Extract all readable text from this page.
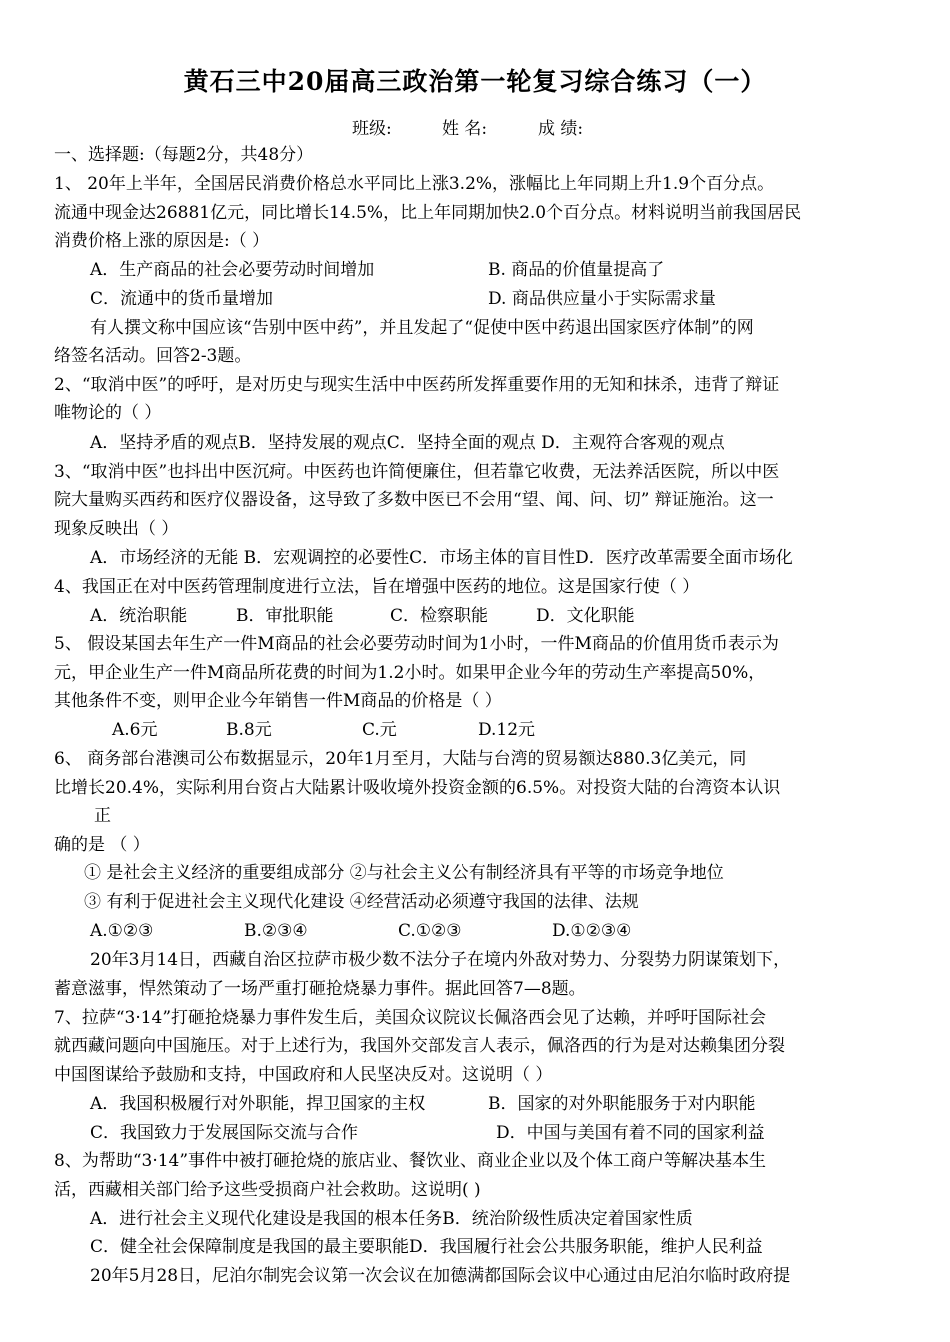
黄石三中20届高三政治第一轮复习综合练习（一）
班级:	姓 名:	成 绩:
一、选择题:（每题2分，共48分）
1、 20年上半年，全国居民消费价格总水平同比上涨3.2%，涨幅比上年同期上升1.9个百分点。
流通中现金达26881亿元，同比增长14.5%，比上年同期加快2.0个百分点。材料说明当前我国居民
消费价格上涨的原因是:（ ）
A．生产商品的社会必要劳动时间增加	B. 商品的价值量提高了
C．流通中的货币量增加	D. 商品供应量小于实际需求量
有人撰文称中国应该“告别中医中药”，并且发起了“促使中医中药退出国家医疗体制”的网
络签名活动。回答2-3题。
2、“取消中医”的呼吁，是对历史与现实生活中中医药所发挥重要作用的无知和抹杀，违背了辩证
唯物论的（ ）
A．坚持矛盾的观点B．坚持发展的观点C．坚持全面的观点 D．主观符合客观的观点
3、“取消中医”也抖出中医沉疴。中医药也许简便廉住，但若靠它收费，无法养活医院，所以中医
院大量购买西药和医疗仪器设备，这导致了多数中医已不会用“望、闻、问、切” 辩证施治。这一
现象反映出（ ）
A．市场经济的无能 B．宏观调控的必要性C．市场主体的盲目性D．医疗改革需要全面市场化
4、我国正在对中医药管理制度进行立法，旨在增强中医药的地位。这是国家行使（ ）
A．统治职能	B．审批职能	C．检察职能	D．文化职能
5、 假设某国去年生产一件M商品的社会必要劳动时间为1小时，一件M商品的价值用货币表示为
元，甲企业生产一件M商品所花费的时间为1.2小时。如果甲企业今年的劳动生产率提高50%，
其他条件不变，则甲企业今年销售一件M商品的价格是（ ）
A.6元	B.8元	C.元	D.12元
6、 商务部台港澳司公布数据显示，20年1月至月，大陆与台湾的贸易额达880.3亿美元，同
比增长20.4%，实际利用台资占大陆累计吸收境外投资金额的6.5%。对投资大陆的台湾资本认识
正
确的是 （ ）
① 是社会主义经济的重要组成部分 ②与社会主义公有制经济具有平等的市场竞争地位
③ 有利于促进社会主义现代化建设 ④经营活动必须遵守我国的法律、法规
A.①②③	B.②③④	C.①②③	D.①②③④
20年3月14日，西藏自治区拉萨市极少数不法分子在境内外敌对势力、分裂势力阴谋策划下，
蓄意滋事，悍然策动了一场严重打砸抢烧暴力事件。据此回答7—8题。
7、拉萨“3·14”打砸抢烧暴力事件发生后，美国众议院议长佩洛西会见了达赖，并呼吁国际社会
就西藏问题向中国施压。对于上述行为，我国外交部发言人表示，佩洛西的行为是对达赖集团分裂
中国图谋给予鼓励和支持，中国政府和人民坚决反对。这说明（ ）
A．我国积极履行对外职能，捍卫国家的主权	B．国家的对外职能服务于对内职能
C．我国致力于发展国际交流与合作	D．中国与美国有着不同的国家利益
8、为帮助“3·14”事件中被打砸抢烧的旅店业、餐饮业、商业企业以及个体工商户等解决基本生
活，西藏相关部门给予这些受损商户社会救助。这说明( )
A．进行社会主义现代化建设是我国的根本任务B．统治阶级性质决定着国家性质
C．健全社会保障制度是我国的最主要职能D．我国履行社会公共服务职能，维护人民利益
20年5月28日，尼泊尔制宪会议第一次会议在加德满都国际会议中心通过由尼泊尔临时政府提
